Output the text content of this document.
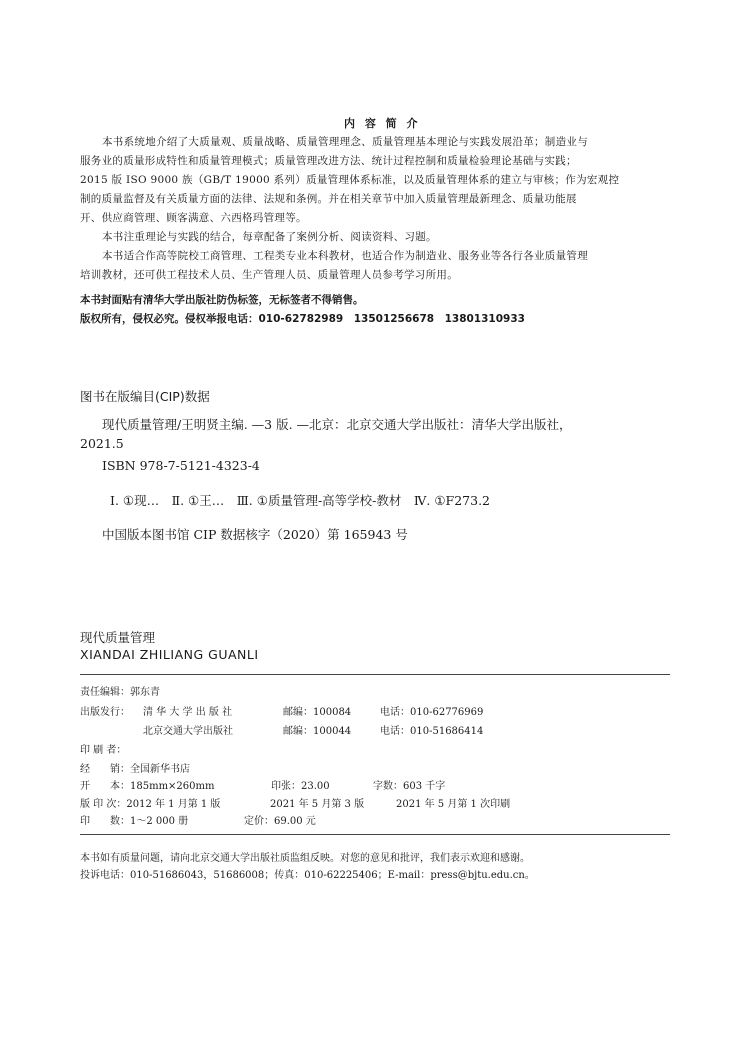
内 容 简 介
本书系统地介绍了大质量观、质量战略、质量管理理念、质量管理基本理论与实践发展沿革；制造业与
服务业的质量形成特性和质量管理模式；质量管理改进方法、统计过程控制和质量检验理论基础与实践；
2015 版 ISO 9000 族（GB/T 19000 系列）质量管理体系标准，以及质量管理体系的建立与审核；作为宏观控
制的质量监督及有关质量方面的法律、法规和条例。并在相关章节中加入质量管理最新理念、质量功能展
开、供应商管理、顾客满意、六西格玛管理等。
本书注重理论与实践的结合，每章配备了案例分析、阅读资料、习题。
本书适合作高等院校工商管理、工程类专业本科教材，也适合作为制造业、服务业等各行各业质量管理
培训教材，还可供工程技术人员、生产管理人员、质量管理人员参考学习所用。
本书封面贴有清华大学出版社防伪标签，无标签者不得销售。
版权所有，侵权必究。侵权举报电话：010-62782989　13501256678　13801310933
图书在版编目(CIP)数据
现代质量管理/王明贤主编. —3 版. —北京：北京交通大学出版社：清华大学出版社，
2021.5
ISBN 978-7-5121-4323-4
Ⅰ. ①现…　Ⅱ. ①王…　Ⅲ. ①质量管理-高等学校-教材　Ⅳ. ①F273.2
中国版本图书馆 CIP 数据核字（2020）第 165943 号
现代质量管理
XIANDAI ZHILIANG GUANLI
责任编辑：郭东青
出版发行： 清 华 大 学 出 版 社	邮编：100084	电话：010-62776969
北京交通大学出版社	邮编：100044	电话：010-51686414
印 刷 者：
经　　销：全国新华书店
开　　本：185mm×260mm	印张：23.00	字数：603 千字
版 印 次：2012 年 1 月第 1 版	2021 年 5 月第 3 版	2021 年 5 月第 1 次印刷
印　　数：1～2 000 册	定价：69.00 元
本书如有质量问题，请向北京交通大学出版社质监组反映。对您的意见和批评，我们表示欢迎和感谢。
投诉电话：010-51686043，51686008；传真：010-62225406；E-mail：press@bjtu.edu.cn。
